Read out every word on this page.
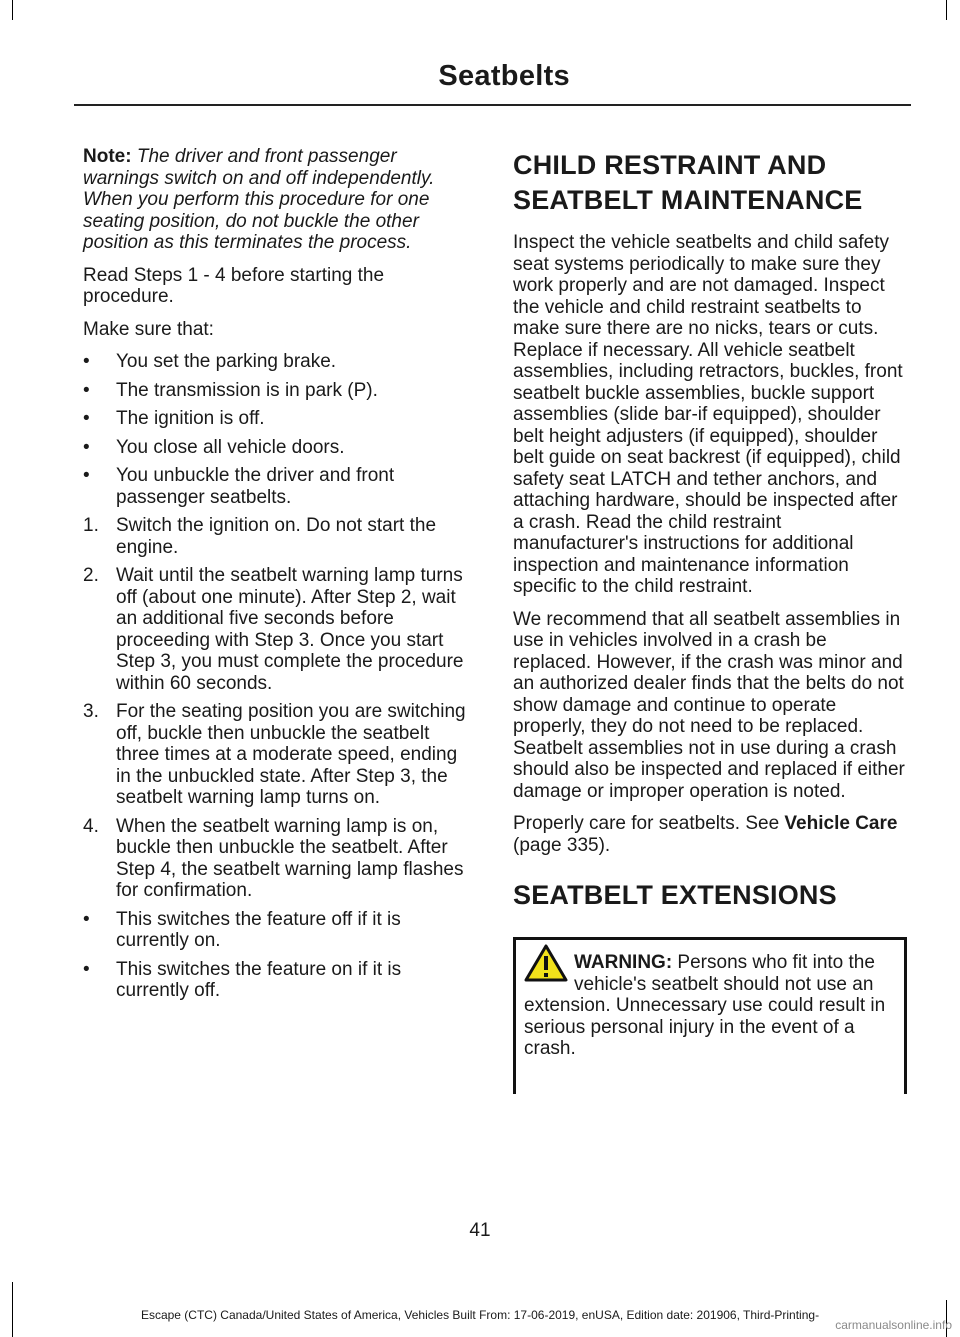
Seatbelts

Note: The driver and front passenger warnings switch on and off independently. When you perform this procedure for one seating position, do not buckle the other position as this terminates the process.

Read Steps 1 - 4 before starting the procedure.

Make sure that:

• You set the parking brake.
• The transmission is in park (P).
• The ignition is off.
• You close all vehicle doors.
• You unbuckle the driver and front passenger seatbelts.
1. Switch the ignition on. Do not start the engine.
2. Wait until the seatbelt warning lamp turns off (about one minute). After Step 2, wait an additional five seconds before proceeding with Step 3. Once you start Step 3, you must complete the procedure within 60 seconds.
3. For the seating position you are switching off, buckle then unbuckle the seatbelt three times at a moderate speed, ending in the unbuckled state. After Step 3, the seatbelt warning lamp turns on.
4. When the seatbelt warning lamp is on, buckle then unbuckle the seatbelt. After Step 4, the seatbelt warning lamp flashes for confirmation.
• This switches the feature off if it is currently on.
• This switches the feature on if it is currently off.
CHILD RESTRAINT AND SEATBELT MAINTENANCE

Inspect the vehicle seatbelts and child safety seat systems periodically to make sure they work properly and are not damaged. Inspect the vehicle and child restraint seatbelts to make sure there are no nicks, tears or cuts. Replace if necessary. All vehicle seatbelt assemblies, including retractors, buckles, front seatbelt buckle assemblies, buckle support assemblies (slide bar-if equipped), shoulder belt height adjusters (if equipped), shoulder belt guide on seat backrest (if equipped), child safety seat LATCH and tether anchors, and attaching hardware, should be inspected after a crash. Read the child restraint manufacturer's instructions for additional inspection and maintenance information specific to the child restraint.

We recommend that all seatbelt assemblies in use in vehicles involved in a crash be replaced. However, if the crash was minor and an authorized dealer finds that the belts do not show damage and continue to operate properly, they do not need to be replaced. Seatbelt assemblies not in use during a crash should also be inspected and replaced if either damage or improper operation is noted.

Properly care for seatbelts. See Vehicle Care (page 335).

SEATBELT EXTENSIONS
WARNING: Persons who fit into the vehicle's seatbelt should not use an extension. Unnecessary use could result in serious personal injury in the event of a crash.

41

Escape (CTC) Canada/United States of America, Vehicles Built From: 17-06-2019, enUSA, Edition date: 201906, Third-Printing-

carmanualsonline.info
